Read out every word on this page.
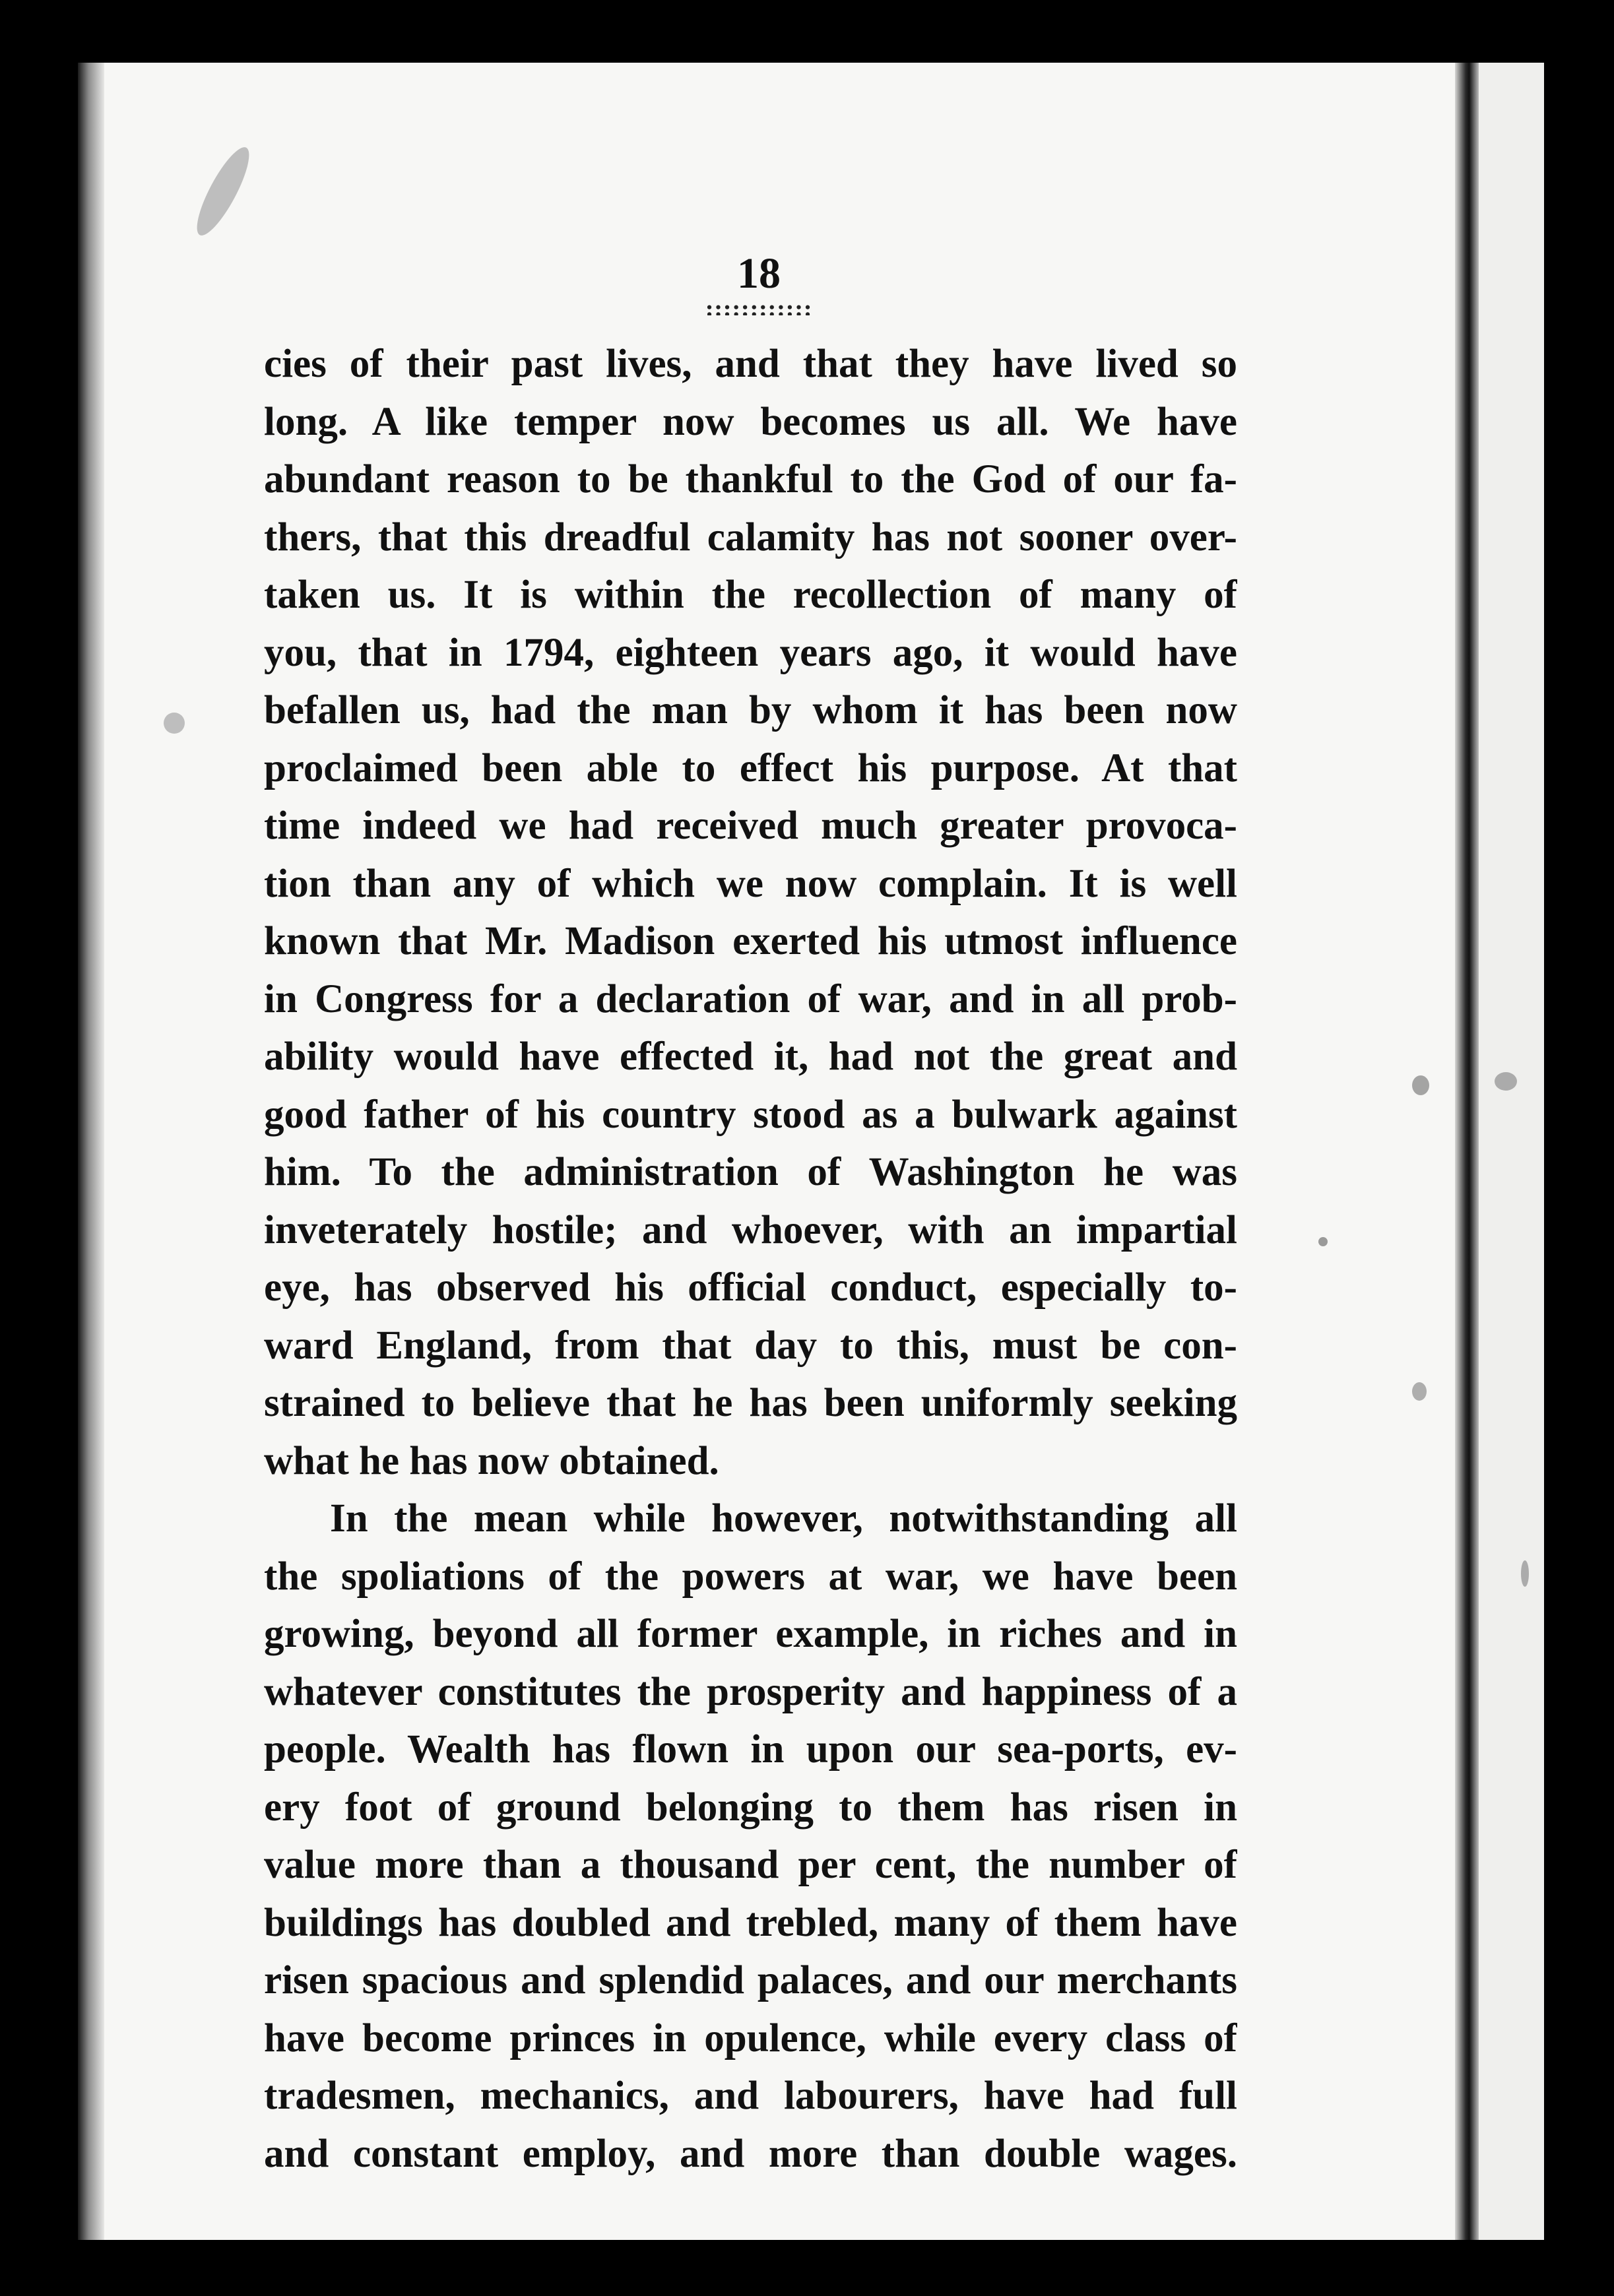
18
::::::::::::
cies of their past lives, and that they have lived so
long. A like temper now becomes us all. We have
abundant reason to be thankful to the God of our fa-
thers, that this dreadful calamity has not sooner over-
taken us. It is within the recollection of many of
you, that in 1794, eighteen years ago, it would have
befallen us, had the man by whom it has been now
proclaimed been able to effect his purpose. At that
time indeed we had received much greater provoca-
tion than any of which we now complain. It is well
known that Mr. Madison exerted his utmost influence
in Congress for a declaration of war, and in all prob-
ability would have effected it, had not the great and
good father of his country stood as a bulwark against
him. To the administration of Washington he was
inveterately hostile; and whoever, with an impartial
eye, has observed his official conduct, especially to-
ward England, from that day to this, must be con-
strained to believe that he has been uniformly seeking
what he has now obtained.
In the mean while however, notwithstanding all
the spoliations of the powers at war, we have been
growing, beyond all former example, in riches and in
whatever constitutes the prosperity and happiness of a
people. Wealth has flown in upon our sea-ports, ev-
ery foot of ground belonging to them has risen in
value more than a thousand per cent, the number of
buildings has doubled and trebled, many of them have
risen spacious and splendid palaces, and our merchants
have become princes in opulence, while every class of
tradesmen, mechanics, and labourers, have had full
and constant employ, and more than double wages.
